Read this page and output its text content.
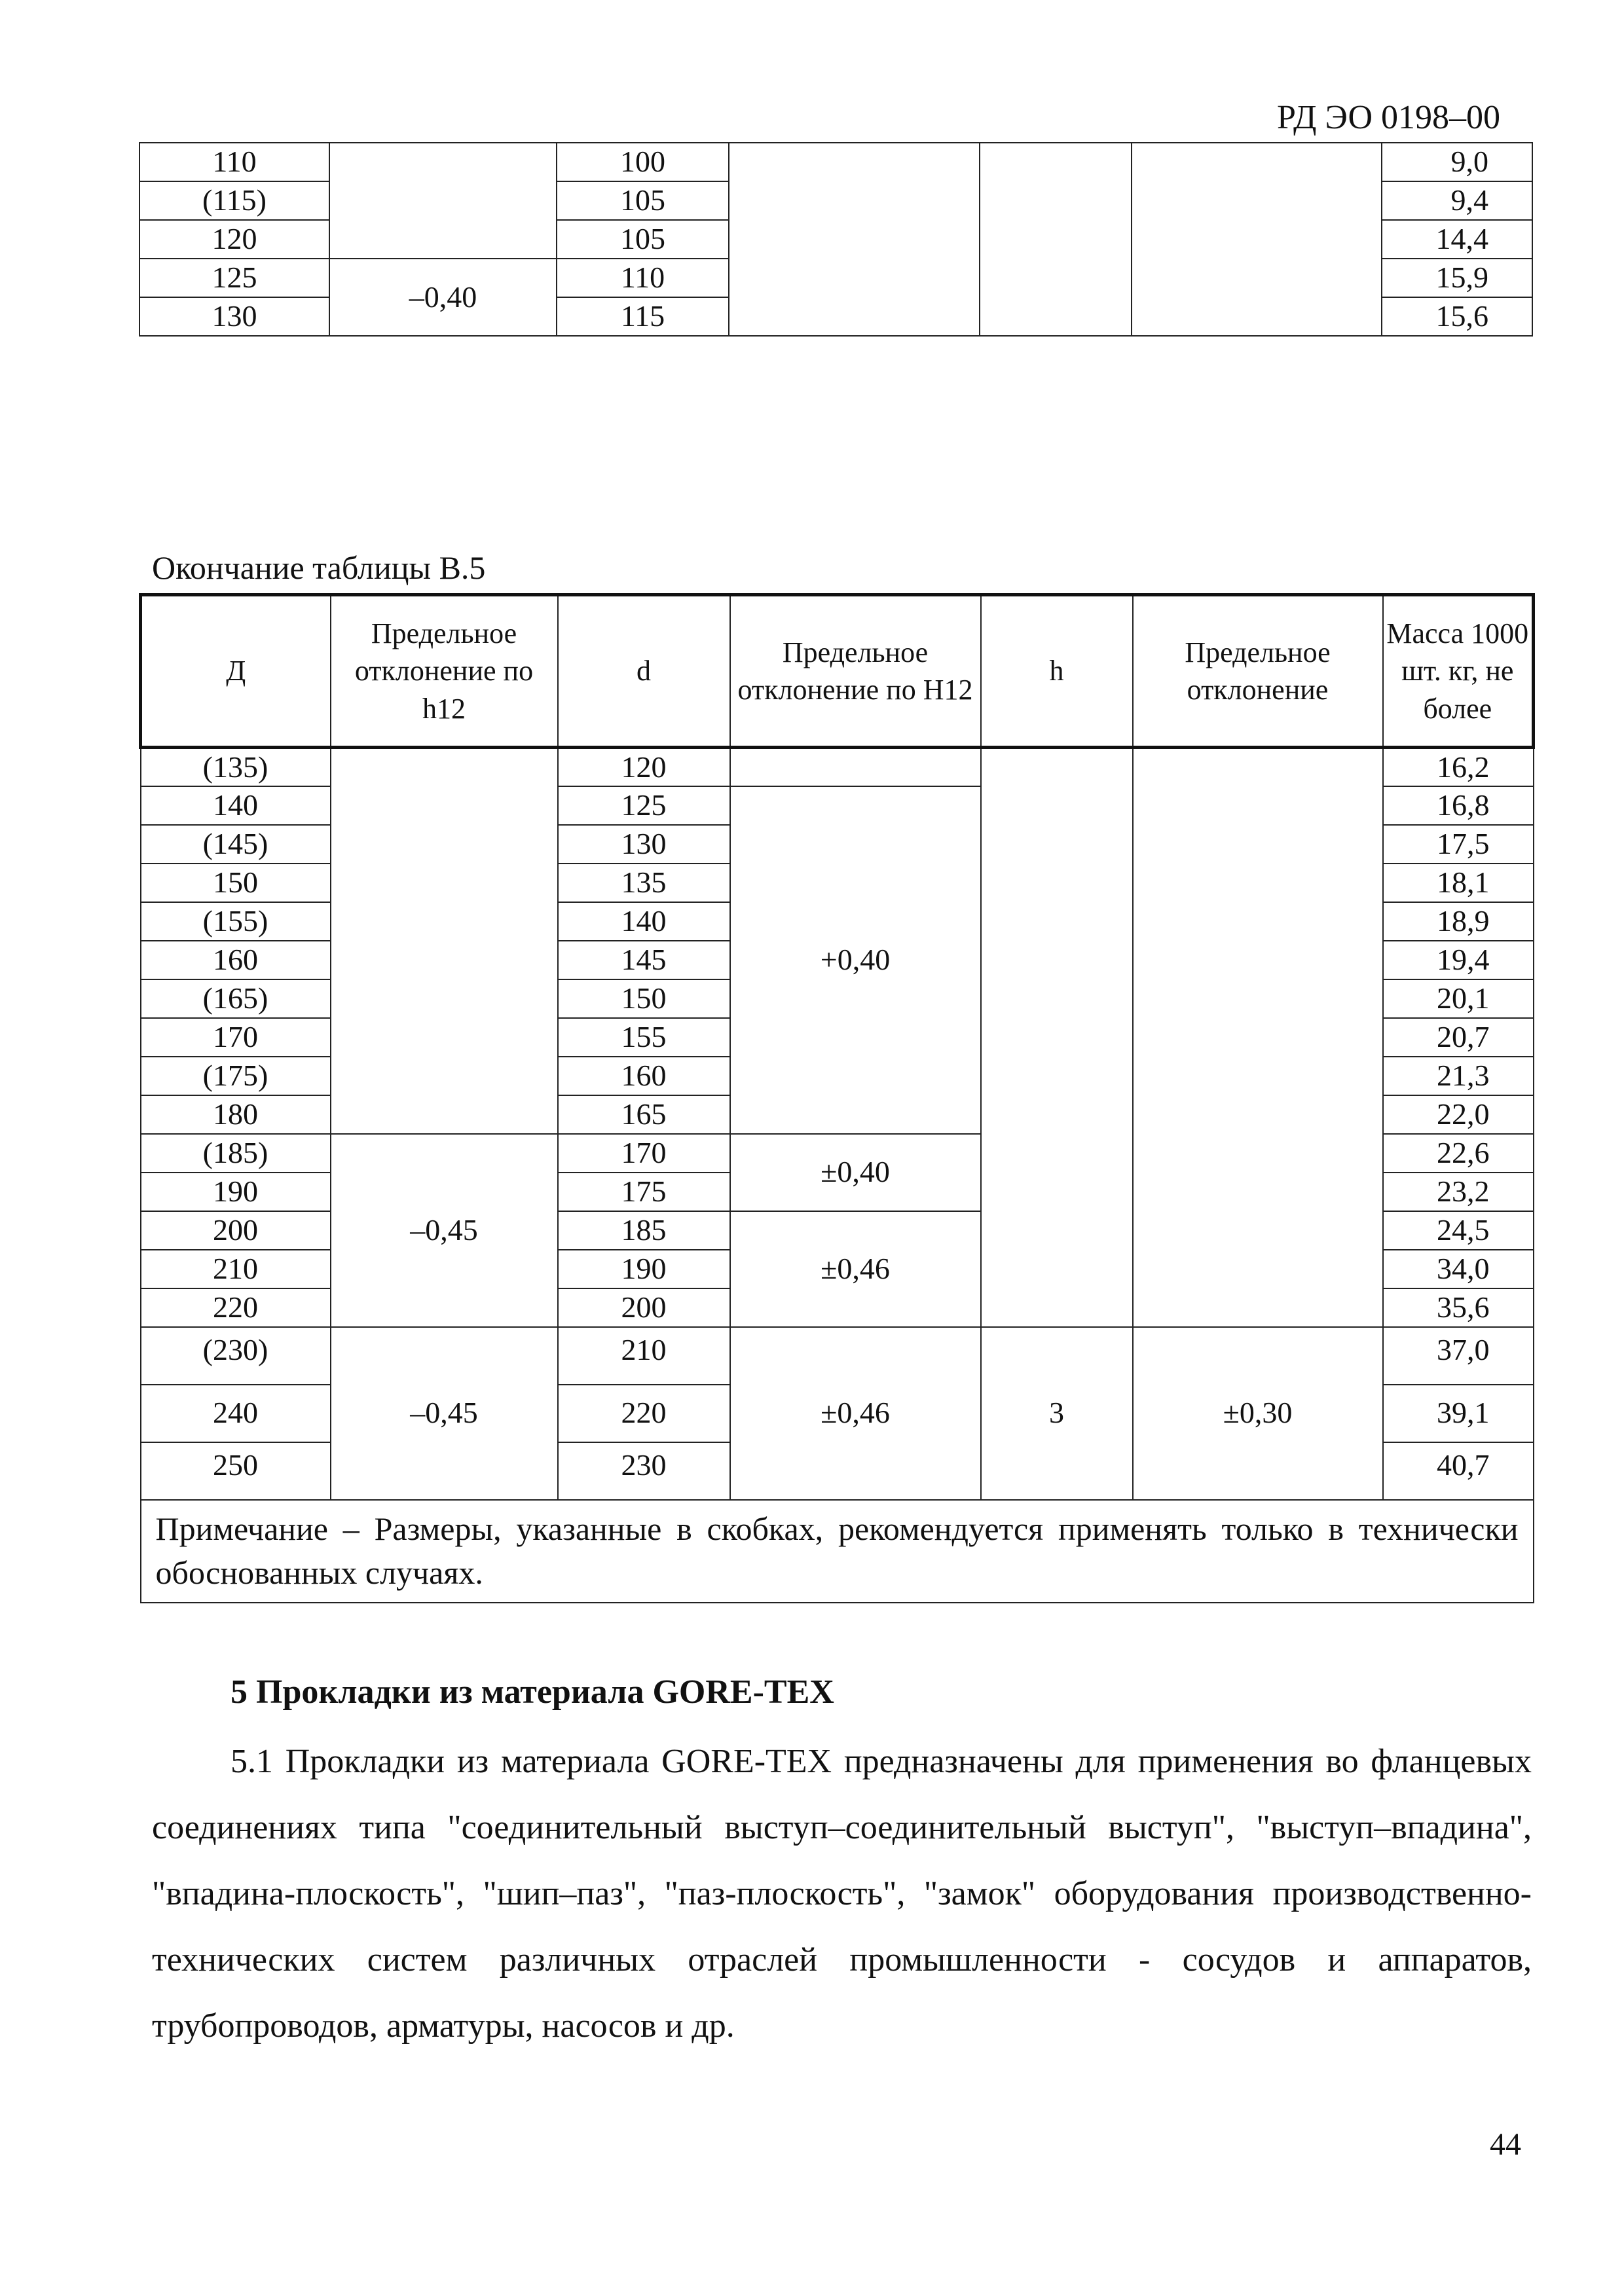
РД ЭО 0198–00
110		100				9,0
(115)		105				9,4
120		105				14,4
125	–0,40	110				15,9
130		115				15,6
Окончание таблицы В.5
Д	Предельное отклонение по h12	d	Предельное отклонение по Н12	h	Предельное отклонение	Масса 1000 шт. кг, не более
(135)		120				16,2
140		125	+0,40			16,8
(145)		130				17,5
150		135				18,1
(155)		140				18,9
160		145				19,4
(165)		150				20,1
170		155				20,7
(175)		160				21,3
180		165				22,0
(185)	–0,45	170	±0,40			22,6
190		175				23,2
200		185	±0,46			24,5
210		190				34,0
220		200				35,6
(230)	–0,45	210	±0,46	3	±0,30	37,0
240		220				39,1
250		230				40,7
Примечание – Размеры, указанные в скобках, рекомендуется применять только в технически обоснованных случаях.						
5 Прокладки из материала GORE-TEX
5.1 Прокладки из материала GORE-TEX предназначены для применения во фланцевых соединениях типа "соединительный выступ–соединительный выступ", "выступ–впадина", "впадина-плоскость", "шип–паз", "паз-плоскость", "замок" оборудования производственно-технических систем различных отраслей промышленности - сосудов и аппаратов, трубопроводов, арматуры, насосов и др.
44
